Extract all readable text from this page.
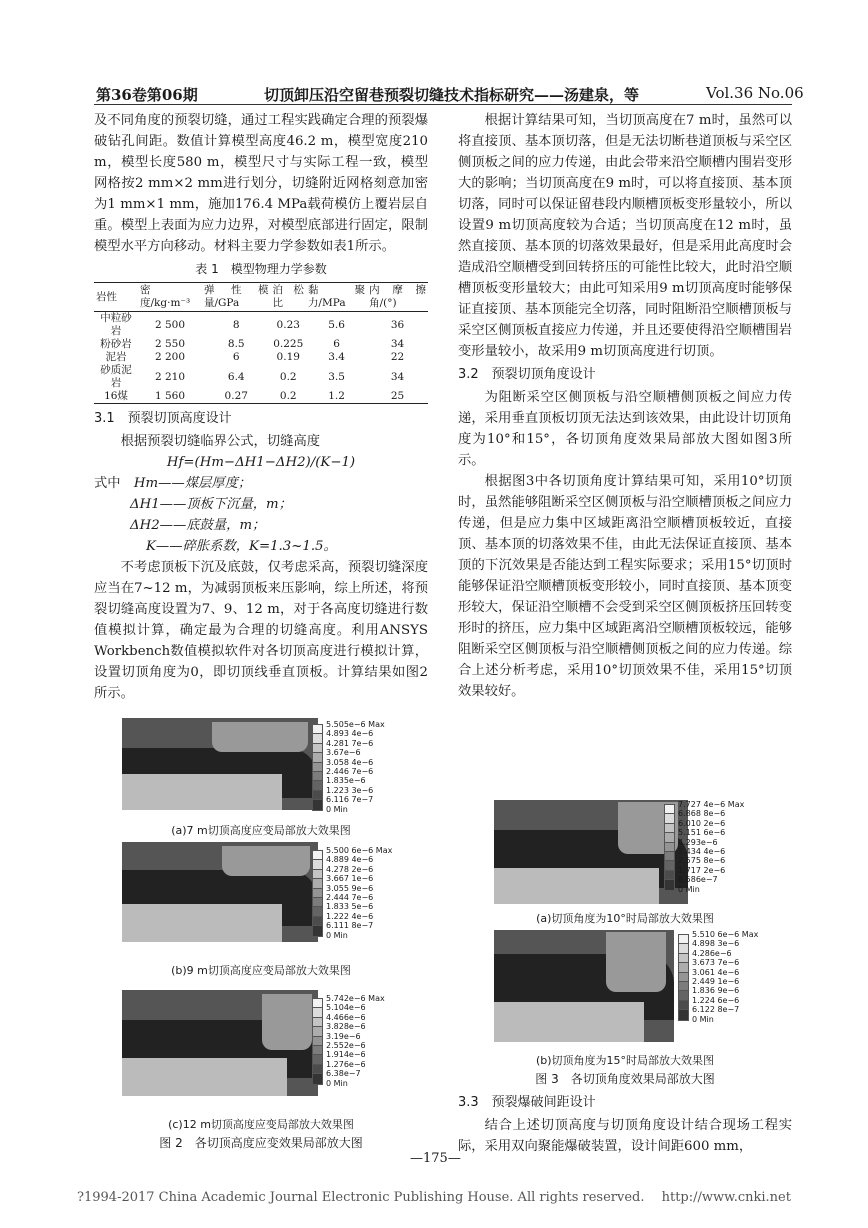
第36卷第06期	切顶卸压沿空留巷预裂切缝技术指标研究——汤建泉，等	Vol.36 No.06

及不同角度的预裂切缝，通过工程实践确定合理的预裂爆破钻孔间距。数值计算模型高度46.2 m，模型宽度210 m，模型长度580 m，模型尺寸与实际工程一致，模型网格按2 mm×2 mm进行划分，切缝附近网格刻意加密为1 mm×1 mm，施加176.4 MPa载荷模仿上覆岩层自重。模型上表面为应力边界，对模型底部进行固定，限制模型水平方向移动。材料主要力学参数如表1所示。

表 1　模型物理力学参数
岩性	密度/kg·m⁻³	弹性模量/GPa	泊松比	黏聚力/MPa	内摩擦角/(°)
中粒砂岩	2 500	8	0.23	5.6	36
粉砂岩	2 550	8.5	0.225	6	34
泥岩	2 200	6	0.19	3.4	22
砂质泥岩	2 210	6.4	0.2	3.5	34
16煤	1 560	0.27	0.2	1.2	25

3.1　预裂切顶高度设计

根据预裂切缝临界公式，切缝高度

Hf=(Hm−ΔH1−ΔH2)/(K−1)

式中　 Hm——煤层厚度；

ΔH1——顶板下沉量，m；

ΔH2——底鼓量，m；

K——碎胀系数，K=1.3~1.5。

不考虑顶板下沉及底鼓，仅考虑采高，预裂切缝深度应当在7~12 m，为减弱顶板来压影响，综上所述，将预裂切缝高度设置为7、9、12 m，对于各高度切缝进行数值模拟计算，确定最为合理的切缝高度。利用ANSYS Workbench数值模拟软件对各切顶高度进行模拟计算，设置切顶角度为0，即切顶线垂直顶板。计算结果如图2所示。

5.505e−6 Max
4.893 4e−6
4.281 7e−6
3.67e−6
3.058 4e−6
2.446 7e−6
1.835e−6
1.223 3e−6
6.116 7e−7
0 Min
(a)7 m切顶高度应变局部放大效果图
5.500 6e−6 Max
4.889 4e−6
4.278 2e−6
3.667 1e−6
3.055 9e−6
2.444 7e−6
1.833 5e−6
1.222 4e−6
6.111 8e−7
0 Min
(b)9 m切顶高度应变局部放大效果图
5.742e−6 Max
5.104e−6
4.466e−6
3.828e−6
3.19e−6
2.552e−6
1.914e−6
1.276e−6
6.38e−7
0 Min
(c)12 m切顶高度应变局部放大效果图
图 2　各切顶高度应变效果局部放大图

根据计算结果可知，当切顶高度在7 m时，虽然可以将直接顶、基本顶切落，但是无法切断巷道顶板与采空区侧顶板之间的应力传递，由此会带来沿空顺槽内围岩变形大的影响；当切顶高度在9 m时，可以将直接顶、基本顶切落，同时可以保证留巷段内顺槽顶板变形量较小，所以设置9 m切顶高度较为合适；当切顶高度在12 m时，虽然直接顶、基本顶的切落效果最好，但是采用此高度时会造成沿空顺槽受到回转挤压的可能性比较大，此时沿空顺槽顶板变形量较大；由此可知采用9 m切顶高度时能够保证直接顶、基本顶能完全切落，同时阻断沿空顺槽顶板与采空区侧顶板直接应力传递，并且还要使得沿空顺槽围岩变形量较小，故采用9 m切顶高度进行切顶。

3.2　预裂切顶角度设计

为阻断采空区侧顶板与沿空顺槽侧顶板之间应力传递，采用垂直顶板切顶无法达到该效果，由此设计切顶角度为10°和15°，各切顶角度效果局部放大图如图3所示。

根据图3中各切顶角度计算结果可知，采用10°切顶时，虽然能够阻断采空区侧顶板与沿空顺槽顶板之间应力传递，但是应力集中区域距离沿空顺槽顶板较近，直接顶、基本顶的切落效果不佳，由此无法保证直接顶、基本顶的下沉效果是否能达到工程实际要求；采用15°切顶时能够保证沿空顺槽顶板变形较小，同时直接顶、基本顶变形较大，保证沿空顺槽不会受到采空区侧顶板挤压回转变形时的挤压，应力集中区域距离沿空顺槽顶板较远，能够阻断采空区侧顶板与沿空顺槽侧顶板之间的应力传递。综合上述分析考虑，采用10°切顶效果不佳，采用15°切顶效果较好。

7.727 4e−6 Max
6.868 8e−6
6.010 2e−6
5.151 6e−6
4.293e−6
3.434 4e−6
2.575 8e−6
1.717 2e−6
8.586e−7
0 Min
(a)切顶角度为10°时局部放大效果图
5.510 6e−6 Max
4.898 3e−6
4.286e−6
3.673 7e−6
3.061 4e−6
2.449 1e−6
1.836 9e−6
1.224 6e−6
6.122 8e−7
0 Min
(b)切顶角度为15°时局部放大效果图
图 3　各切顶角度效果局部放大图

3.3　预裂爆破间距设计

结合上述切顶高度与切顶角度设计结合现场工程实际，采用双向聚能爆破装置，设计间距600 mm，

—175—
?1994-2017 China Academic Journal Electronic Publishing House. All rights reserved.　 http://www.cnki.net
